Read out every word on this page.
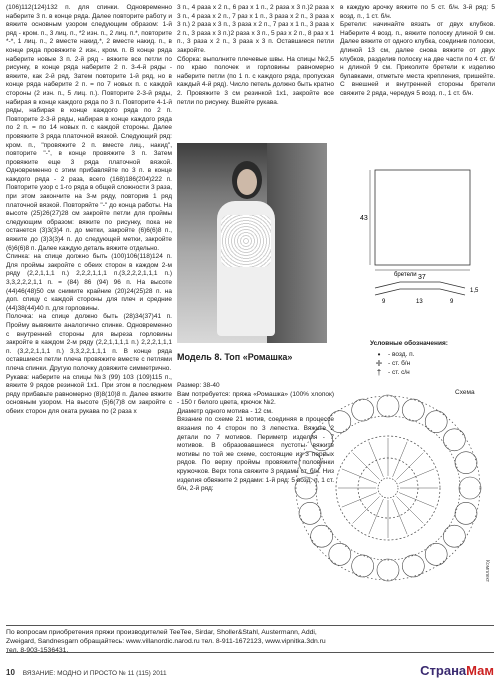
(106)112(124)132 п. для спинки. Одновременно наберите 3 п. в конце ряда. Далее повторите работу и вяжите основным узором следующим образом: 1-й ряд - кром. п., 3 лиц. п., *2 изн. п., 2 лиц. п.*, повторите *-*, 1 лиц. п., 2 вместе накид.*, 2 вместе накид. п., в конце ряда провяжите 2 изн., кром. п. В конце ряда наберите новые 3 п. 2-й ряд - вяжите все петли по рисунку, в конце ряда наберите 2 п. 3-4-й ряды - вяжите, как 2-й ряд. Затем повторите 1-й ряд, но в конце ряда наберите 2 п. = по 7 новых п. с каждой стороны (2 изн. п., 5 лиц. п.). Повторите 2-3-й ряды, набирая в конце каждого ряда по 3 п. Повторите 4-1-й ряды, набирая в конце каждого ряда по 2 п. Повторите 2-3-й ряды, набирая в конце каждого ряда по 2 п. = по 14 новых п. с каждой стороны. Далее провяжите 3 ряда платочной вязкой. Следующий ряд: кром. п., "провяжите 2 п. вместе лиц., накид", повторите "-", в конце провяжите 3 п. Затем провяжите еще 3 ряда платочной вязкой. Одновременно с этим прибавляйте по 3 п. в конце каждого ряда - 2 раза, всего (168)186(204)222 п. Повторите узор с 1-го ряда в общей сложности 3 раза, при этом закончите на 3-м ряду, повторив 1 ряд платочной вязкой. Повторяйте "-" до конца работы. На высоте (25)26(27)28 см закройте петли для проймы следующим образом: вяжите по рисунку, пока не останется (3)3(3)4 п. до метки, закройте (6)6(6)8 п., вяжите до (3)3(3)4 п. до следующей метки, закройте (6)6(6)8 п. Далее каждую деталь вяжите отдельно.

Спинка: на спице должно быть (100)106(118)124 п. Для проймы закройте с обеих сторон в каждом 2-м ряду (2,2,1,1,1 п.) 2,2,2,1,1,1 п.(3,2,2,2,1,1,1 п.) 3,3,2,2,2,1,1 п. = (84) 86 (94) 96 п. На высоте (44)46(48)50 см снимите крайние (20)24(25)28 п. на доп. спицу с каждой стороны для плеч и средние (44)38(44)40 п. для горловины.

Полочка: на спице должно быть (28)34(37)41 п. Пройму вывяжите аналогично спинке. Одновременно с внутренней стороны для выреза горловины закройте в каждом 2-м ряду (2,2,1,1,1,1 п.) 2,2,2,1,1,1 п. (3,2,2,1,1,1 п.) 3,3,2,2,1,1,1 п. В конце ряда оставшиеся петли плеча провяжите вместе с петлями плеча спинки. Другую полочку довяжите симметрично.

Рукава: наберите на спицы №3 (99) 103 (109)115 п., вяжите 9 рядов резинкой 1x1. При этом в последнем ряду прибавьте равномерно (8)8(10)8 п. Далее вяжите основным узором. На высоте (5)6(7)8 см закройте с обеих сторон для оката рукава по (2 раза х

3 п., 4 раза х 2 п., 6 раз х 1 п., 2 раза х 3 п.)2 раза х 3 п., 4 раза х 2 п., 7 раз х 1 п., 3 раза х 2 п., 3 раза х 3 п.) 2 раза х 3 п., 3 раза х 2 п., 7 раз х 1 п., 3 раза х 2 п., 3 раза х 3 п.)2 раза х 3 п., 5 раз х 2 п., 8 раз х 1 п., 3 раза х 2 п., 3 раза х 3 п. Оставшиеся петли закройте.

Сборка: выполните плечевые швы. На спицы №2,5 по краю полочек и горловины равномерно наберите петли (по 1 п. с каждого ряда, пропуская каждый 4-й ряд). Число петель должно быть кратно 2. Провяжите 3 см резинкой 1x1, закройте все петли по рисунку. Вшейте рукава.

в каждую арочку вяжите по 5 ст. б/н. 3-й ряд: 5 возд. п., 1 ст. б/н.

Бретели: начинайте вязать от двух клубков. Наберите 4 возд. п., вяжите полоску длиной 9 см. Далее вяжите от одного клубка, соединив полоски, длиной 13 см, далее снова вяжите от двух клубков, разделив полоску на две части по 4 ст. б/н длиной 9 см. Приколите бретели к изделию булавками, отметьте места крепления, пришейте. С внешней и внутренней стороны бретели свяжите 2 ряда, чередуя 5 возд. п., 1 ст. б/н.

Модель 8. Топ «Ромашка»

Размер: 38-40

Вам потребуется: пряжа «Ромашка» (100% хлопок) - 150 г белого цвета, крючок №2.

Диаметр одного мотива - 12 см.

Вязание по схеме 21 мотив, соединяя в процессе вязания по 4 сторон по 3 лепестка. Вяжите 2 детали по 7 мотивов. Периметр изделия - 7 мотивов. В образовавшиеся пустоты вяжите мотивы по той же схеме, состоящие из 3 первых рядов. По верху проймы провяжите половинки кружочков. Верх топа свяжите 3 рядами ст. б/н. Низ изделия обвяжите 2 рядами: 1-й ряд: 5 возд. п, 1 ст. б/н, 2-й ряд:

43
37
бретели
1,5
9	13	9
Условные обозначения:
•	- возд. п.
✛ - ст. б/н
†	- ст. с/н
Схема
По вопросам приобретения пряжи производителей TeeTee, Sirdar, Sholler&Stahl, Austermann, Addi,
Zweigard, Sandnesgarn обращайтесь: www.villanordic.narod.ru тел. 8-911-1672123, www.vipnitka.3dn.ru
тел. 8-903-1536431.
10 ВЯЗАНИЕ: МОДНО И ПРОСТО № 11 (115) 2011	СтранаМам
Комплект
